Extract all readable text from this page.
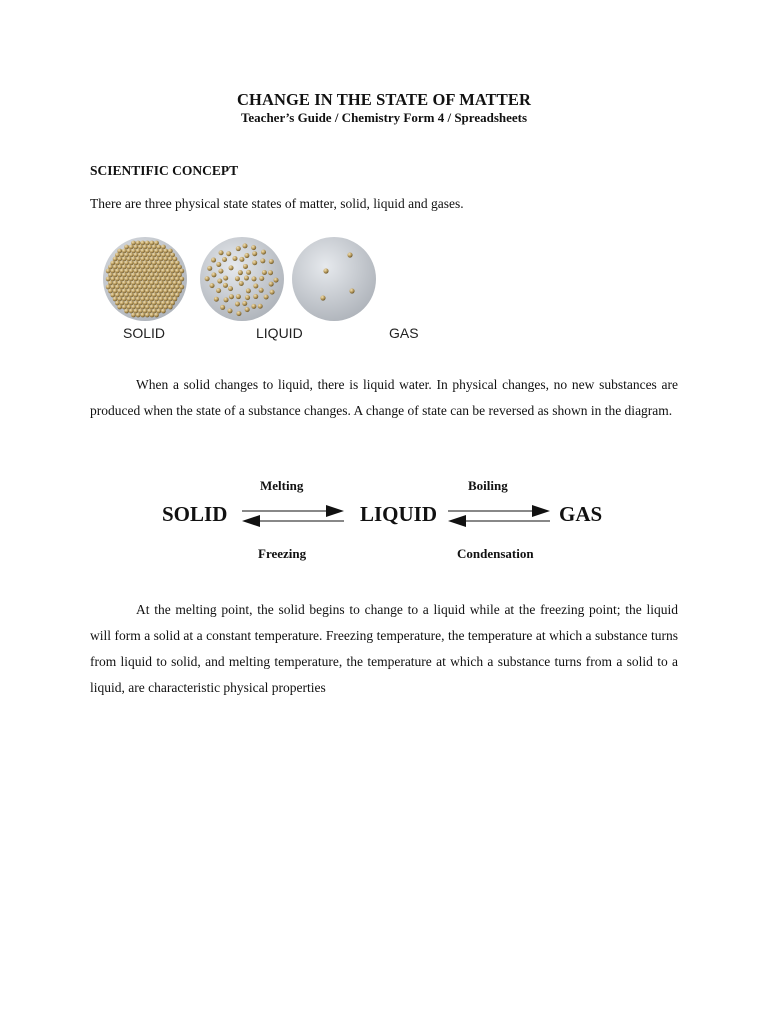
CHANGE IN THE STATE OF MATTER
Teacher’s Guide / Chemistry Form 4 / Spreadsheets
SCIENTIFIC CONCEPT
There are three physical state states of matter, solid, liquid and gases.
SOLID	LIQUID	GAS
When a solid changes to liquid, there is liquid water. In physical changes, no new substances are produced when the state of a substance changes. A change of state can be reversed as shown in the diagram.
Melting	Boiling
SOLID	LIQUID	GAS
Freezing	Condensation
At the melting point, the solid begins to change to a liquid while at the freezing point; the liquid will form a solid at a constant temperature. Freezing temperature, the temperature at which a substance turns from liquid to solid, and melting temperature, the temperature at which a substance turns from a solid to a liquid, are characteristic physical properties
